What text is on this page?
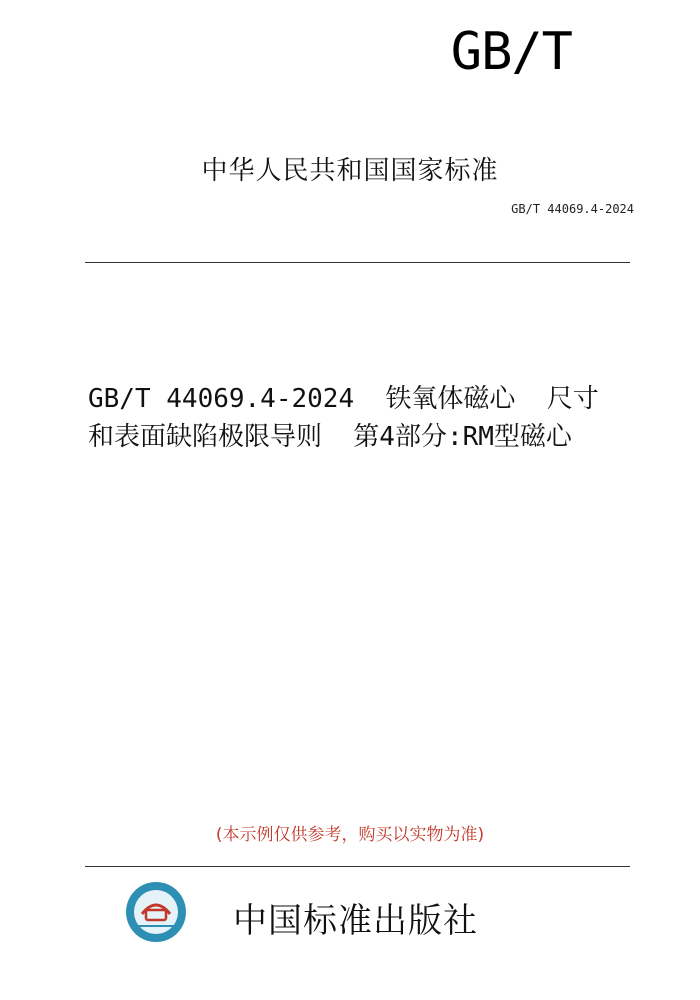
GB/T
中华人民共和国国家标准
GB/T 44069.4-2024
GB/T 44069.4-2024  铁氧体磁心  尺寸
和表面缺陷极限导则  第4部分:RM型磁心
(本示例仅供参考，购买以实物为准)
中国标准出版社
